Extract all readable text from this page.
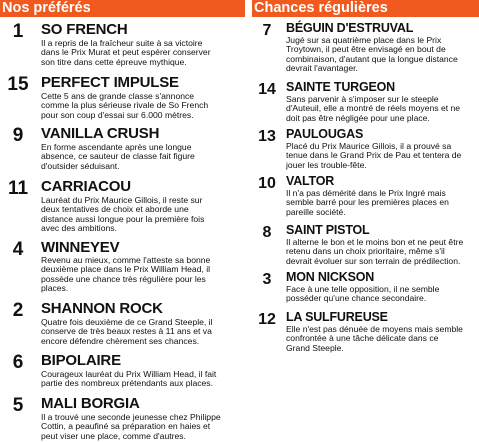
Nos préférés
1	SO FRENCH
Il a repris de la fraîcheur suite à sa victoire
dans le Prix Murat et peut espérer conserver
son titre dans cette épreuve mythique.
15 PERFECT IMPULSE
Cette 5 ans de grande classe s'annonce
comme la plus sérieuse rivale de So French
pour son coup d'essai sur 6.000 mètres.
9	VANILLA CRUSH
En forme ascendante après une longue
absence, ce sauteur de classe fait figure
d'outsider séduisant.
11 CARRIACOU
Lauréat du Prix Maurice Gillois, il reste sur
deux tentatives de choix et aborde une
distance aussi longue pour la première fois
avec des ambitions.
4	WINNEYEV
Revenu au mieux, comme l'atteste sa bonne
deuxième place dans le Prix William Head, il
possède une chance très régulière pour les
places.
2	SHANNON ROCK
Quatre fois deuxième de ce Grand Steeple, il
conserve de très beaux restes à 11 ans et va
encore défendre chèrement ses chances.
6	BIPOLAIRE
Courageux lauréat du Prix William Head, il fait
partie des nombreux prétendants aux places.
5	MALI BORGIA
Il a trouvé une seconde jeunesse chez Philippe
Cottin, a peaufiné sa préparation en haies et
peut viser une place, comme d'autres.
Chances régulières
7	BÉGUIN D'ESTRUVAL
Jugé sur sa quatrième place dans le Prix
Troytown, il peut être envisagé en bout de
combinaison, d'autant que la longue distance
devrait l'avantager.
14 SAINTE TURGEON
Sans parvenir à s'imposer sur le steeple
d'Auteuil, elle a montré de réels moyens et ne
doit pas être négligée pour une place.
13 PAULOUGAS
Placé du Prix Maurice Gillois, il a prouvé sa
tenue dans le Grand Prix de Pau et tentera de
jouer les trouble-fête.
10 VALTOR
Il n'a pas démérité dans le Prix Ingré mais
semble barré pour les premières places en
pareille société.
8	SAINT PISTOL
Il alterne le bon et le moins bon et ne peut être
retenu dans un choix prioritaire, même s'il
devrait évoluer sur son terrain de prédilection.
3	MON NICKSON
Face à une telle opposition, il ne semble
posséder qu'une chance secondaire.
12 LA SULFUREUSE
Elle n'est pas dénuée de moyens mais semble
confrontée à une tâche délicate dans ce
Grand Steeple.
